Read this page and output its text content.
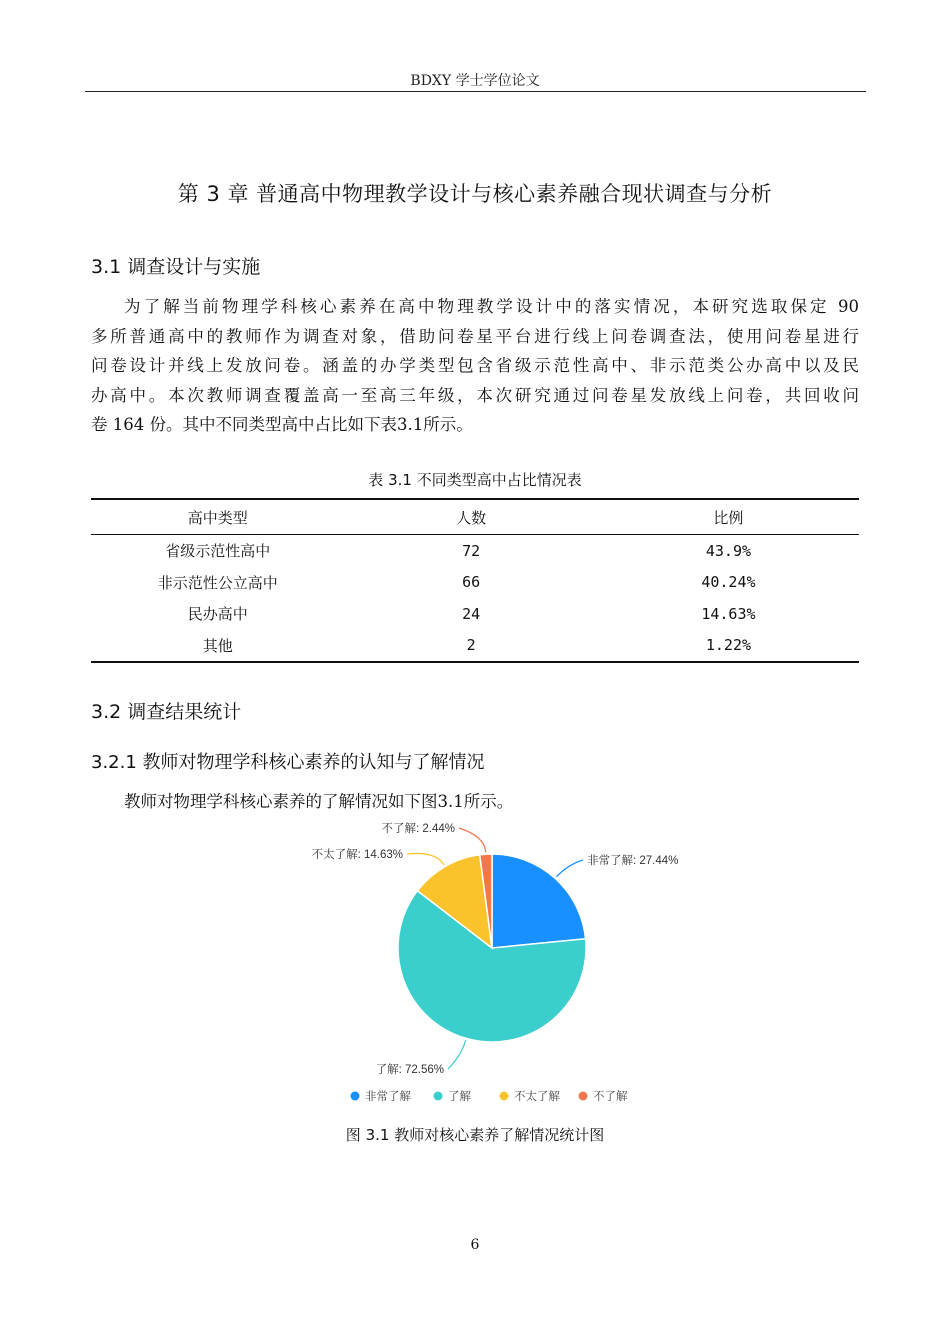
BDXY 学士学位论文
第 3 章 普通高中物理教学设计与核心素养融合现状调查与分析
3.1 调查设计与实施
为了解当前物理学科核心素养在高中物理教学设计中的落实情况，本研究选取保定 90
多所普通高中的教师作为调查对象，借助问卷星平台进行线上问卷调查法，使用问卷星进行
问卷设计并线上发放问卷。涵盖的办学类型包含省级示范性高中、非示范类公办高中以及民
办高中。本次教师调查覆盖高一至高三年级，本次研究通过问卷星发放线上问卷，共回收问
卷 164 份。其中不同类型高中占比如下表3.1所示。
表 3.1 不同类型高中占比情况表
高中类型	人数	比例
省级示范性高中	72	43.9%
非示范性公立高中	66	40.24%
民办高中	24	14.63%
其他	2	1.22%
3.2 调查结果统计
3.2.1 教师对物理学科核心素养的认知与了解情况
教师对物理学科核心素养的了解情况如下图3.1所示。
非常了解: 27.44%
了解: 72.56%
不太了解: 14.63%
不了解: 2.44%
非常了解	了解	不太了解	不了解
图 3.1 教师对核心素养了解情况统计图
6
